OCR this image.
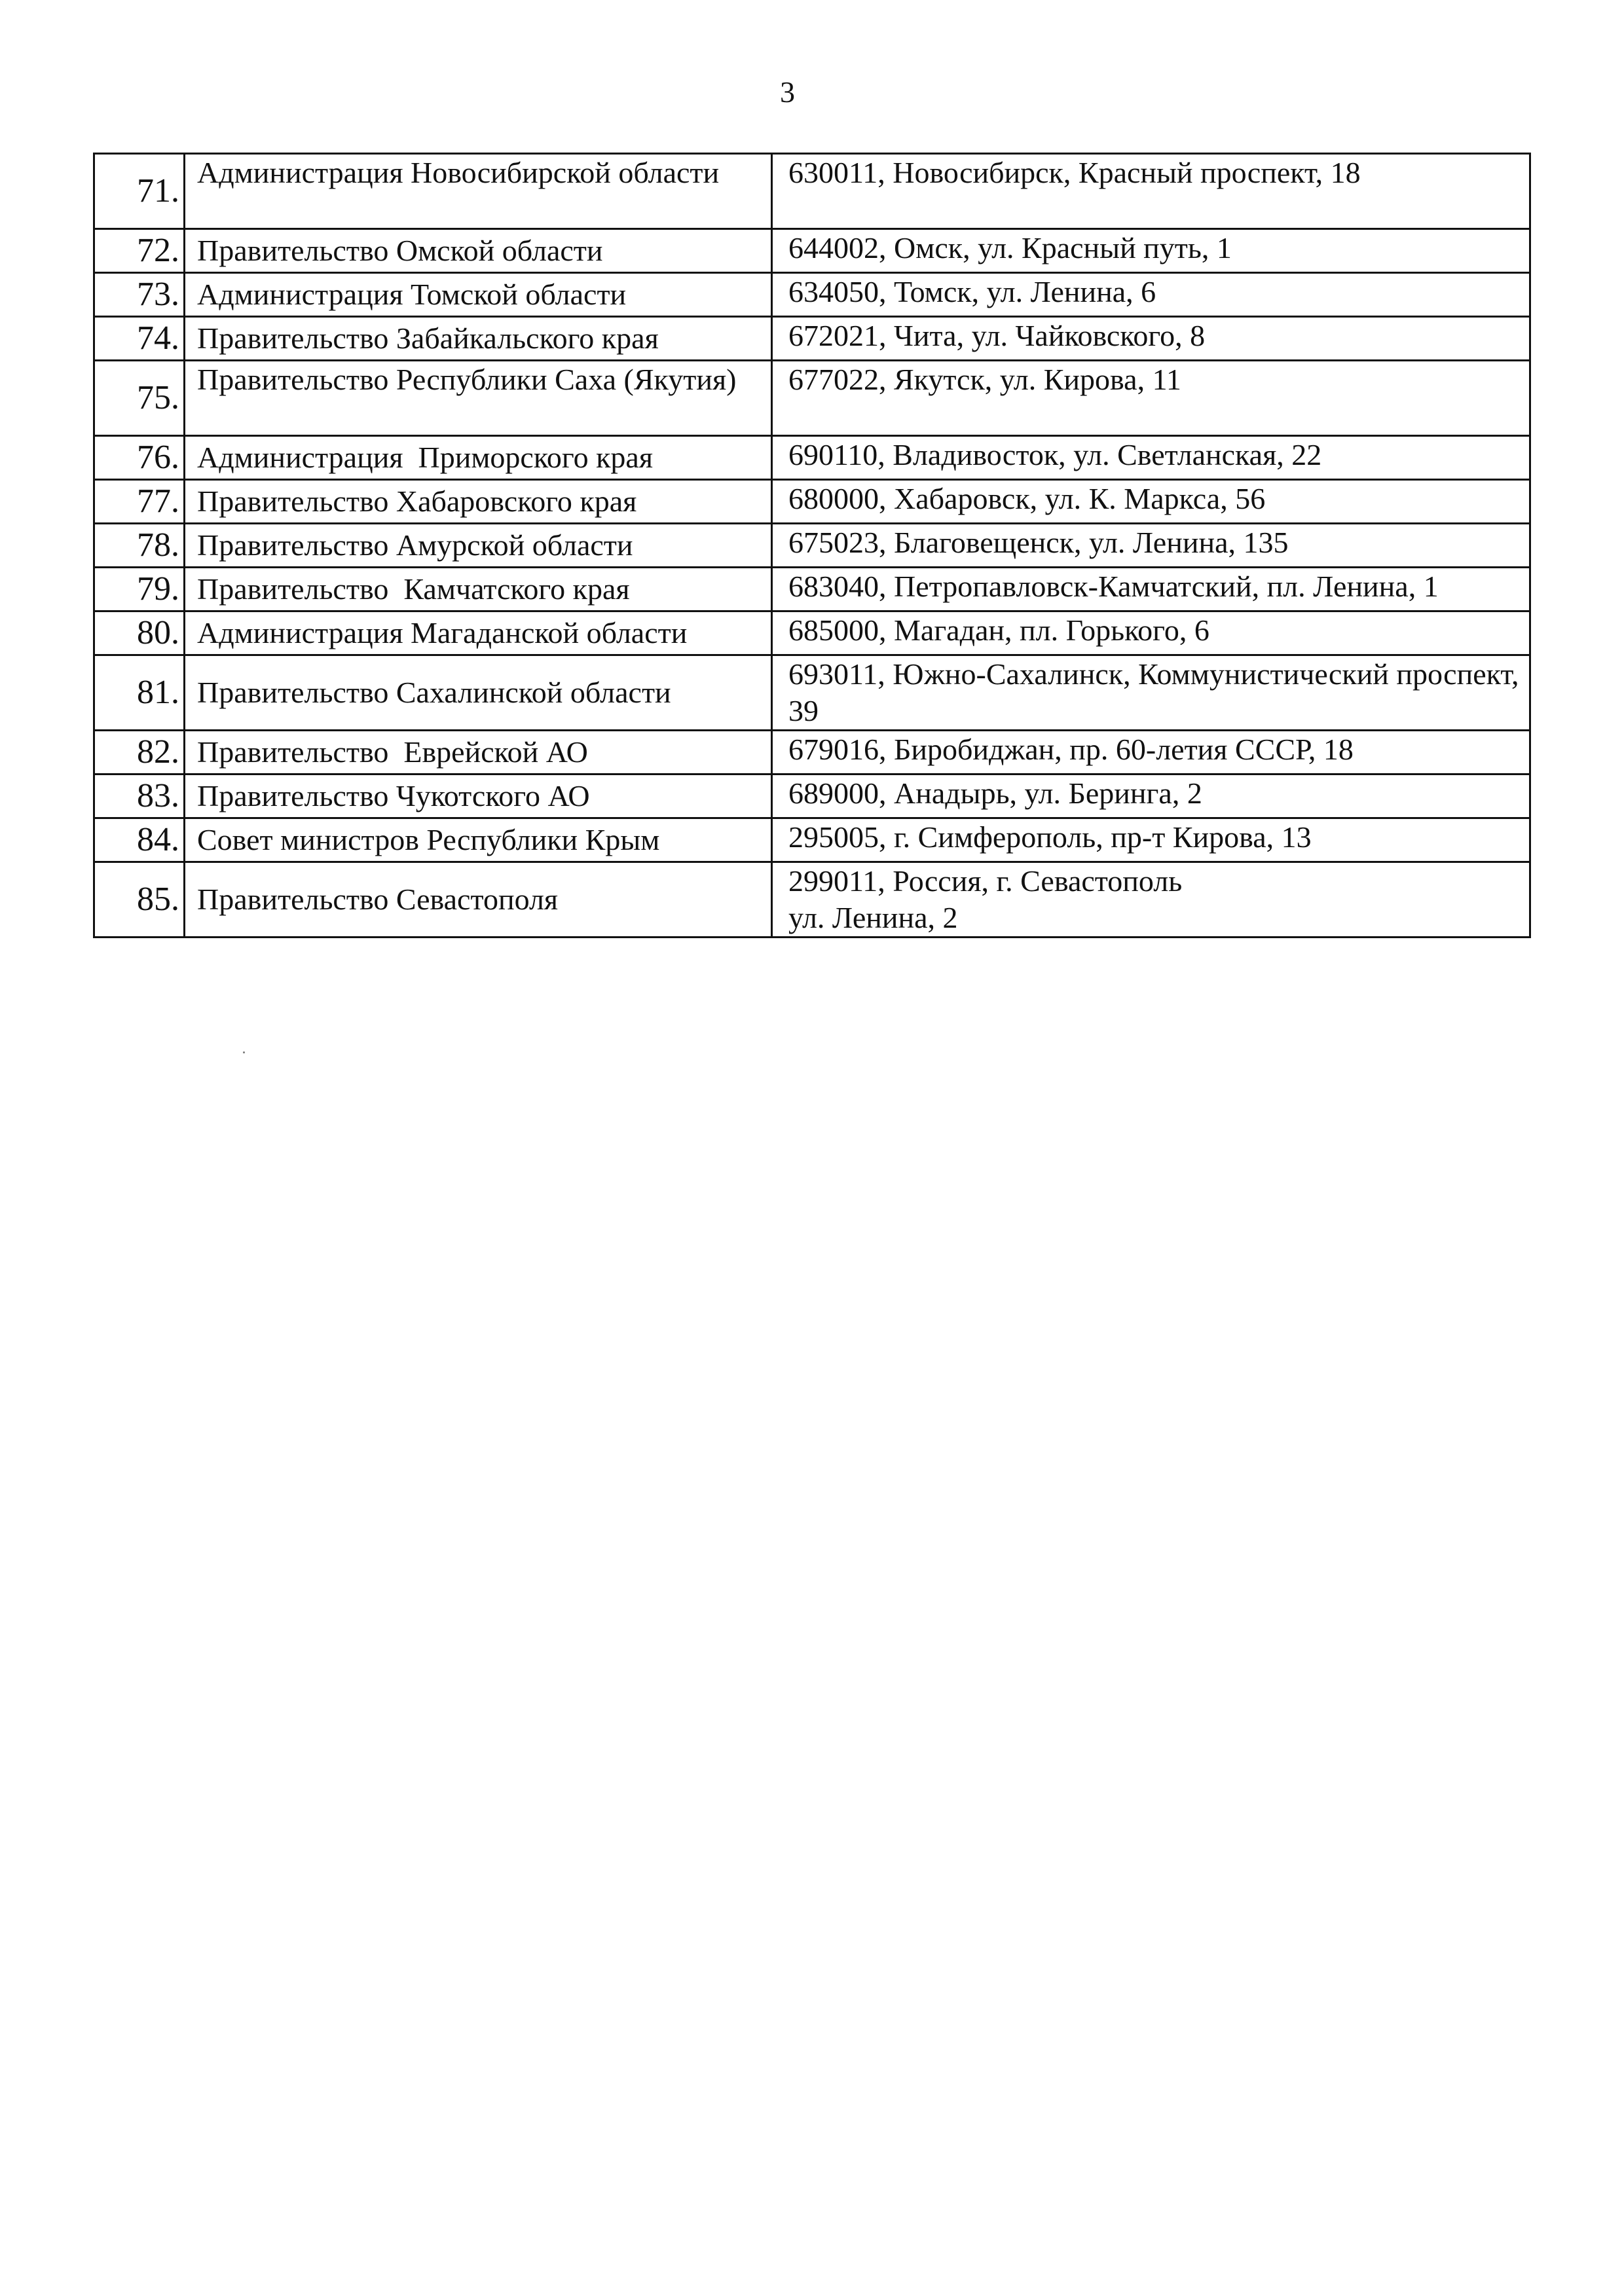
3
71.	Администрация Новосибирской области	630011, Новосибирск, Красный проспект, 18
72.	Правительство Омской области	644002, Омск, ул. Красный путь, 1
73.	Администрация Томской области	634050, Томск, ул. Ленина, 6
74.	Правительство Забайкальского края	672021, Чита, ул. Чайковского, 8
75.	Правительство Республики Саха (Якутия)	677022, Якутск, ул. Кирова, 11
76.	Администрация  Приморского края	690110, Владивосток, ул. Светланская, 22
77.	Правительство Хабаровского края	680000, Хабаровск, ул. К. Маркса, 56
78.	Правительство Амурской области	675023, Благовещенск, ул. Ленина, 135
79.	Правительство  Камчатского края	683040, Петропавловск-Камчатский, пл. Ленина, 1
80.	Администрация Магаданской области	685000, Магадан, пл. Горького, 6
81.	Правительство Сахалинской области	693011, Южно-Сахалинск, Коммунистический проспект, 39
82.	Правительство  Еврейской АО	679016, Биробиджан, пр. 60-летия СССР, 18
83.	Правительство Чукотского АО	689000, Анадырь, ул. Беринга, 2
84.	Совет министров Республики Крым	295005, г. Симферополь, пр-т Кирова, 13
85.	Правительство Севастополя	299011, Россия, г. Севастополь
ул. Ленина, 2
